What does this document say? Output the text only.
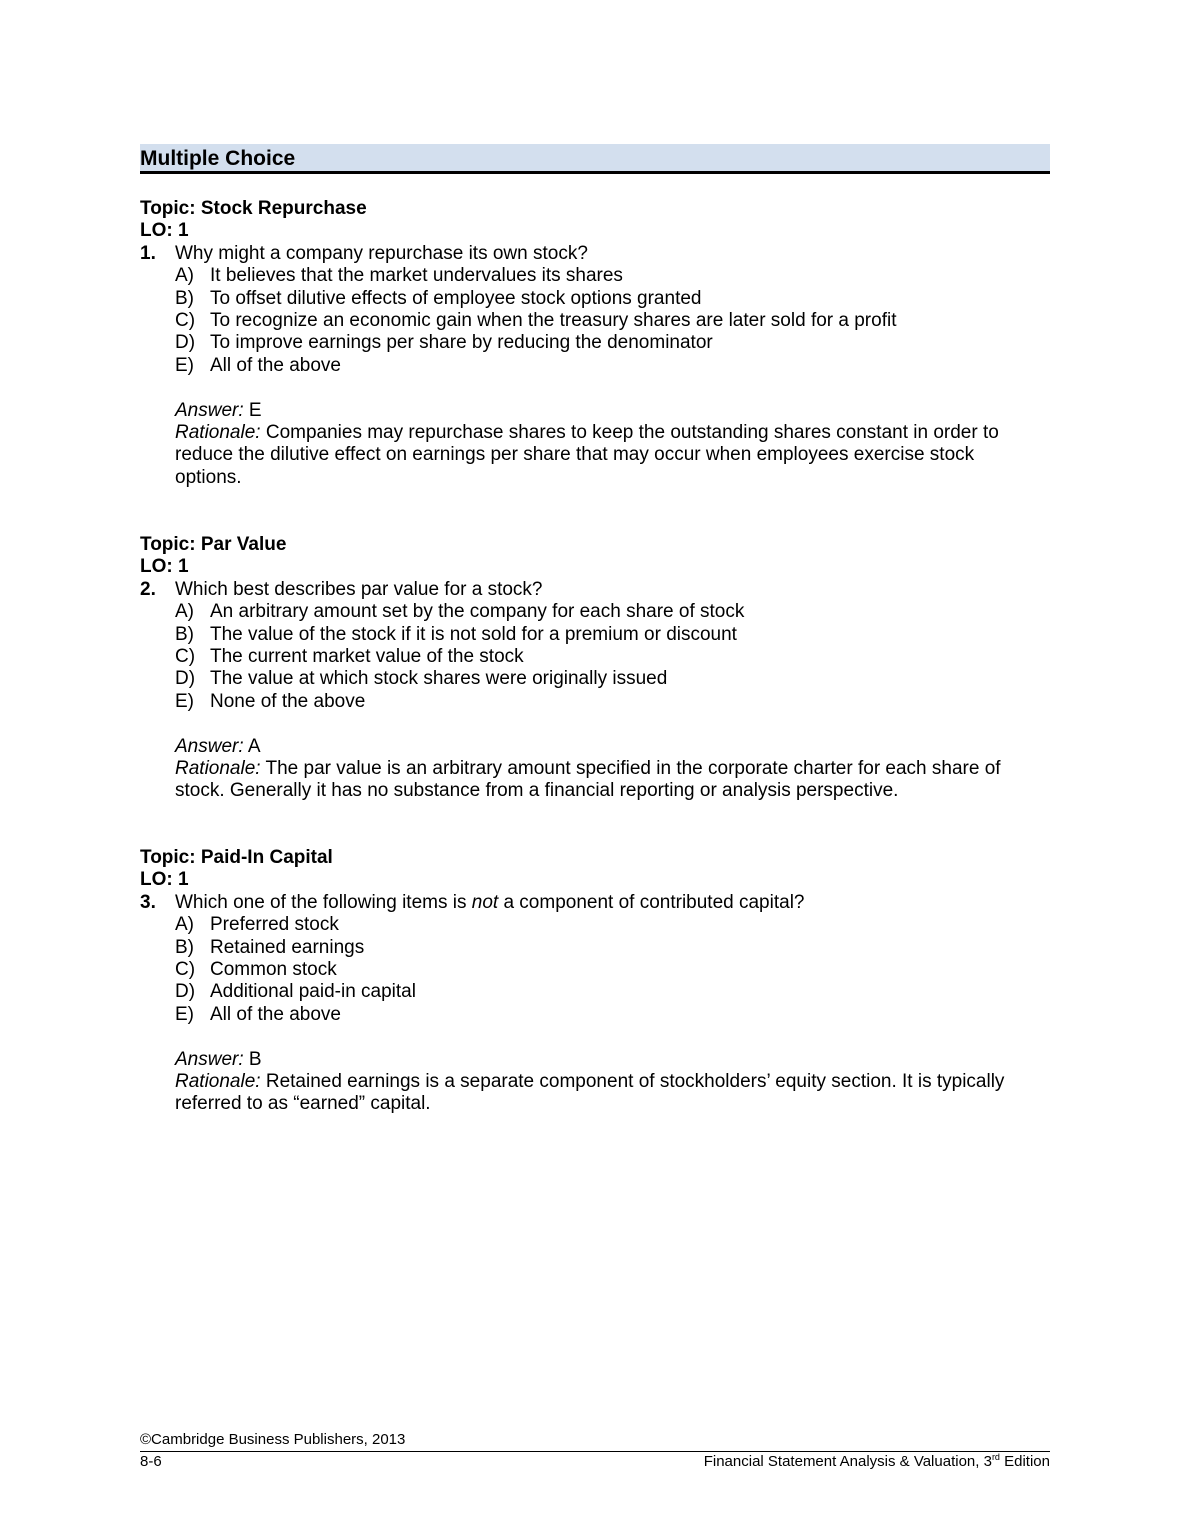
Multiple Choice
Topic: Stock Repurchase
LO: 1
1. Why might a company repurchase its own stock?
A) It believes that the market undervalues its shares
B) To offset dilutive effects of employee stock options granted
C) To recognize an economic gain when the treasury shares are later sold for a profit
D) To improve earnings per share by reducing the denominator
E) All of the above
Answer: E
Rationale: Companies may repurchase shares to keep the outstanding shares constant in order to reduce the dilutive effect on earnings per share that may occur when employees exercise stock options.
Topic: Par Value
LO: 1
2. Which best describes par value for a stock?
A) An arbitrary amount set by the company for each share of stock
B) The value of the stock if it is not sold for a premium or discount
C) The current market value of the stock
D) The value at which stock shares were originally issued
E) None of the above
Answer: A
Rationale: The par value is an arbitrary amount specified in the corporate charter for each share of stock. Generally it has no substance from a financial reporting or analysis perspective.
Topic: Paid-In Capital
LO: 1
3. Which one of the following items is not a component of contributed capital?
A) Preferred stock
B) Retained earnings
C) Common stock
D) Additional paid-in capital
E) All of the above
Answer: B
Rationale: Retained earnings is a separate component of stockholders’ equity section. It is typically referred to as “earned” capital.
©Cambridge Business Publishers, 2013
8-6	Financial Statement Analysis & Valuation, 3rd Edition
